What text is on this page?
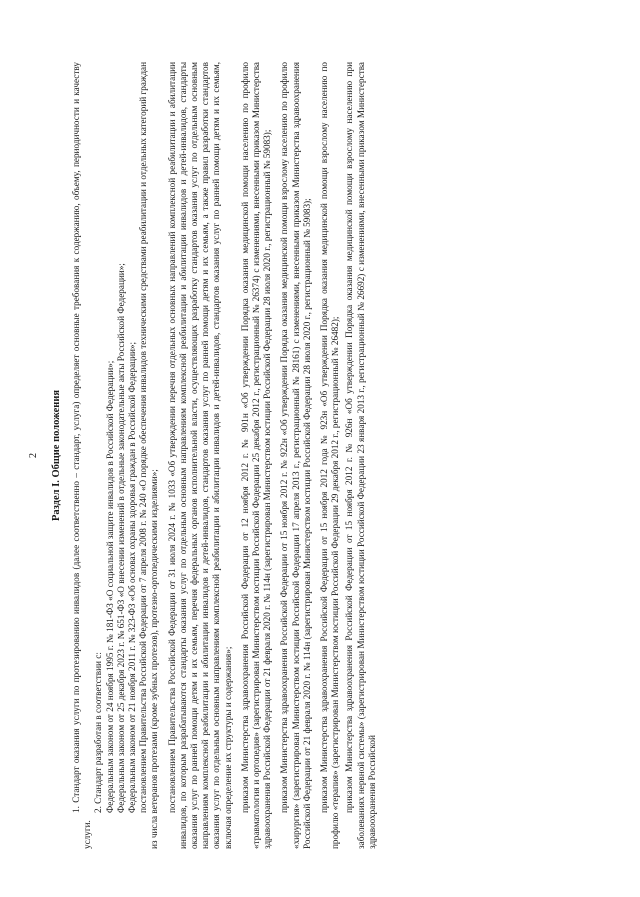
2 Раздел I. Общие положения 1. Стандарт оказания услуги по протезированию инвалидов (далее соответственно – стандарт, услуга) определяет основные требования к содержанию, объему, периодичности и качеству услуги.

2. Стандарт разработан в соответствии с: Федеральным законом от 24 ноября 1995 г. № 181-ФЗ «О социальной защите инвалидов в Российской Федерации»; Федеральным законом от 25 декабря 2023 г. № 651-ФЗ «О внесении изменений в отдельные законодательные акты Российской Федерации»; Федеральным законом от 21 ноября 2011 г. № 323-ФЗ «Об основах охраны здоровья граждан в Российской Федерации»; постановлением Правительства Российской Федерации от 7 апреля 2008 г. № 240 «О порядке обеспечения инвалидов техническими средствами реабилитации и отдельных категорий граждан из числа ветеранов протезами (кроме зубных протезов), протезно-ортопедическими изделиями»; постановлением Правительства Российской Федерации от 31 июля 2024 г. № 1033 «Об утверждении перечня отдельных основных направлений комплексной реабилитации и абилитации инвалидов, по которым разрабатываются стандарты оказания услуг по отдельным основным направлениям комплексной реабилитации и абилитации инвалидов и детей-инвалидов, стандарты оказания услуг по ранней помощи детям и их семьям, перечня федеральных органов исполнительной власти, осуществляющих разработку стандартов оказания услуг по отдельным основным направлениям комплексной реабилитации и абилитации инвалидов и детей-инвалидов, стандартов оказания услуг по ранней помощи детям и их семьям, а также правил разработки стандартов оказания услуг по отдельным основным направлениям комплексной реабилитации и абилитации инвалидов и детей-инвалидов, стандартов оказания услуг по ранней помощи детям и их семьям, включая определение их структуры и содержания»; приказом Министерства здравоохранения Российской Федерации от 12 ноября 2012 г. № 901н «Об утверждении Порядка оказания медицинской помощи населению по профилю «травматология и ортопедия» (зарегистрирован Министерством юстиции Российской Федерации 25 декабря 2012 г., регистрационный № 26374) с изменениями, внесенными приказом Министерства здравоохранения Российской Федерации от 21 февраля 2020 г. № 114н (зарегистрирован Министерством юстиции Российской Федерации 28 июля 2020 г., регистрационный № 59083); приказом Министерства здравоохранения Российской Федерации от 15 ноября 2012 г. № 922н «Об утверждении Порядка оказания медицинской помощи взрослому населению по профилю «хирургия» (зарегистрирован Министерством юстиции Российской Федерации 17 апреля 2013 г., регистрационный № 28161) с изменениями, внесенными приказом Министерства здравоохранения Российской Федерации от 21 февраля 2020 г. № 114н (зарегистрирован Министерством юстиции Российской Федерации 28 июля 2020 г., регистрационный № 59083); приказом Министерства здравоохранения Российской Федерации от 15 ноября 2012 года № 923н «Об утверждении Порядка оказания медицинской помощи взрослому населению по профилю «терапия» (зарегистрирован Министерством юстиции Российской Федерации 29 декабря 2012 г., регистрационный № 26482); приказом Министерства здравоохранения Российской Федерации от 15 ноября 2012 г. № 926н «Об утверждении Порядка оказания медицинской помощи взрослому населению при заболеваниях нервной системы» (зарегистрирован Министерством юстиции Российской Федерации 23 января 2013 г., регистрационный № 26692) с изменениями, внесенными приказом Министерства здравоохранения Российской
